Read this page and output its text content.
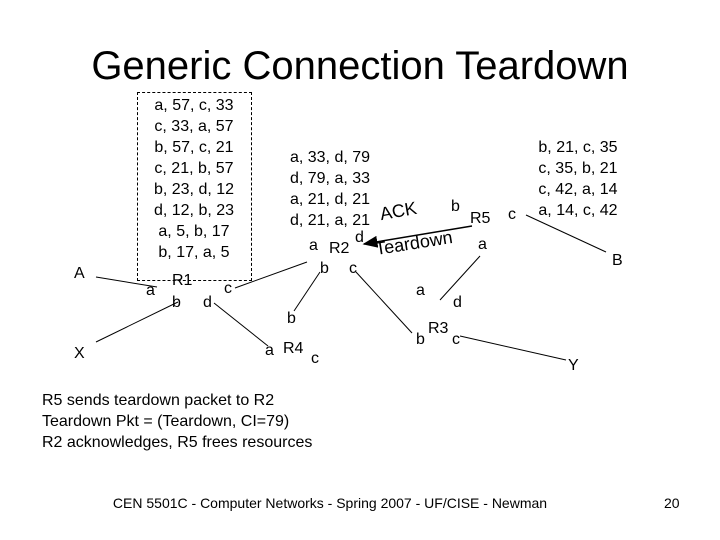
Generic Connection Teardown
a, 57, c, 33
c, 33, a, 57
b, 57, c, 21
c, 21, b, 57
b, 23, d, 12
d, 12, b, 23
a, 5, b, 17
b, 17, a, 5
a, 33, d, 79
d, 79, a, 33
a, 21, d, 21
d, 21, a, 21
b, 21, c, 35
c, 35, b, 21
c, 42, a, 14
a, 14, c, 42
A
X
B
Y
R1
a	c
b d
R2
a d
b c
b
a R4
c
a
d
R3
b c
b
R5 c
a
ACK
Teardown
R5 sends teardown packet to R2
Teardown Pkt = (Teardown, CI=79)
R2 acknowledges, R5 frees resources
CEN 5501C - Computer Networks - Spring 2007 - UF/CISE - Newman	20
